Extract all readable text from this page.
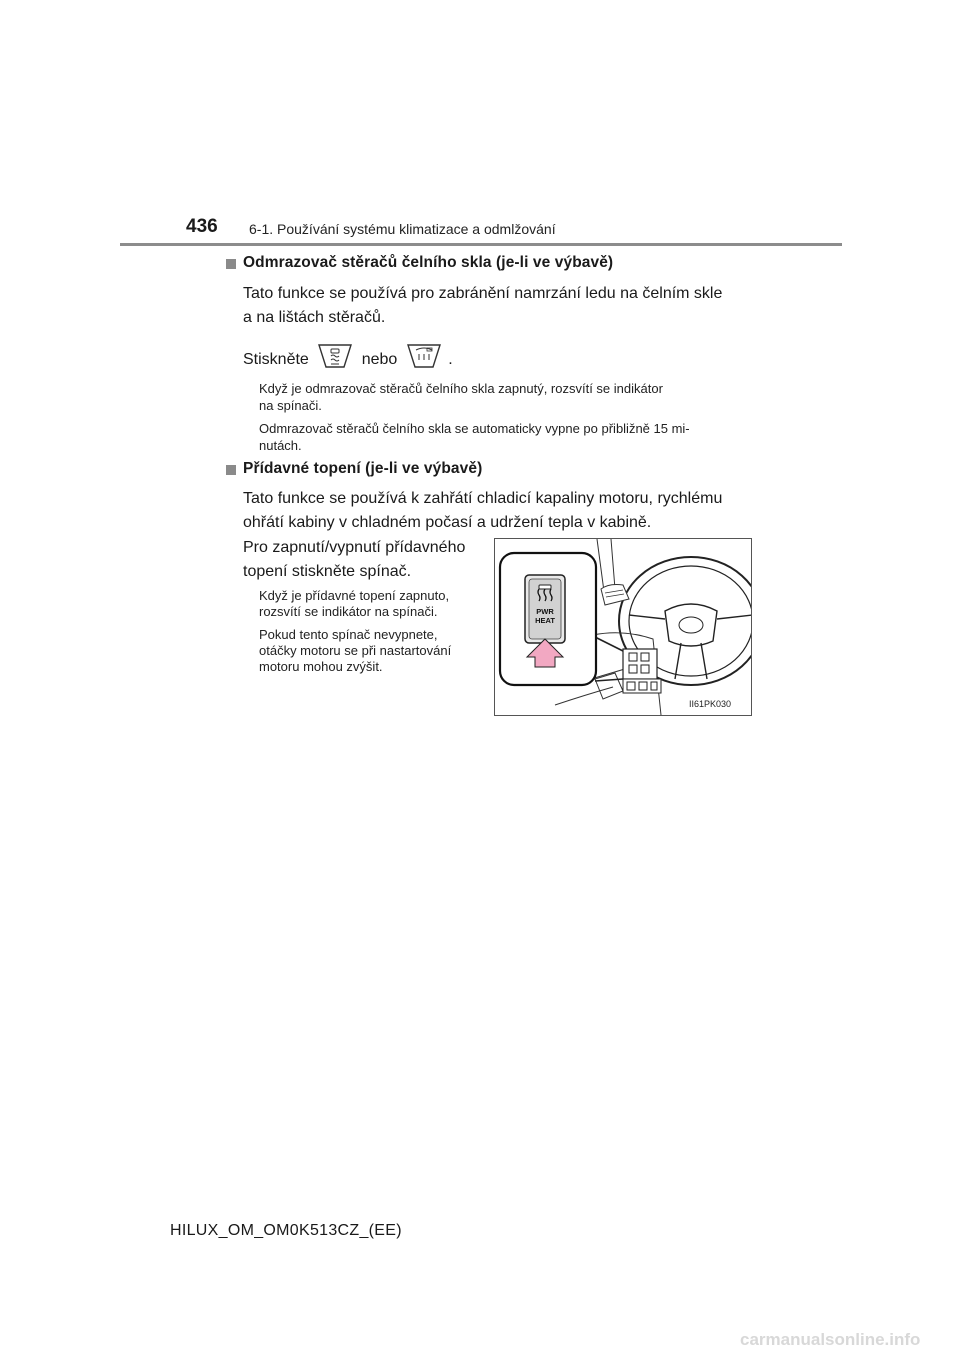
436 6-1. Používání systému klimatizace a odmlžování
Odmrazovač stěračů čelního skla (je-li ve výbavě)
Tato funkce se používá pro zabránění namrzání ledu na čelním skle
a na lištách stěračů.
Stiskněte	nebo	.
Když je odmrazovač stěračů čelního skla zapnutý, rozsvítí se indikátor
na spínači.
Odmrazovač stěračů čelního skla se automaticky vypne po přibližně 15 mi-
nutách.
Přídavné topení (je-li ve výbavě)
Tato funkce se používá k zahřátí chladicí kapaliny motoru, rychlému
ohřátí kabiny v chladném počasí a udržení tepla v kabině.
Pro zapnutí/vypnutí přídavného
topení stiskněte spínač.
Když je přídavné topení zapnuto,
rozsvítí se indikátor na spínači.
Pokud tento spínač nevypnete,
otáčky motoru se při nastartování
motoru mohou zvýšit.
PWR
HEAT
II61PK030
HILUX_OM_OM0K513CZ_(EE)
carmanualsonline.info
